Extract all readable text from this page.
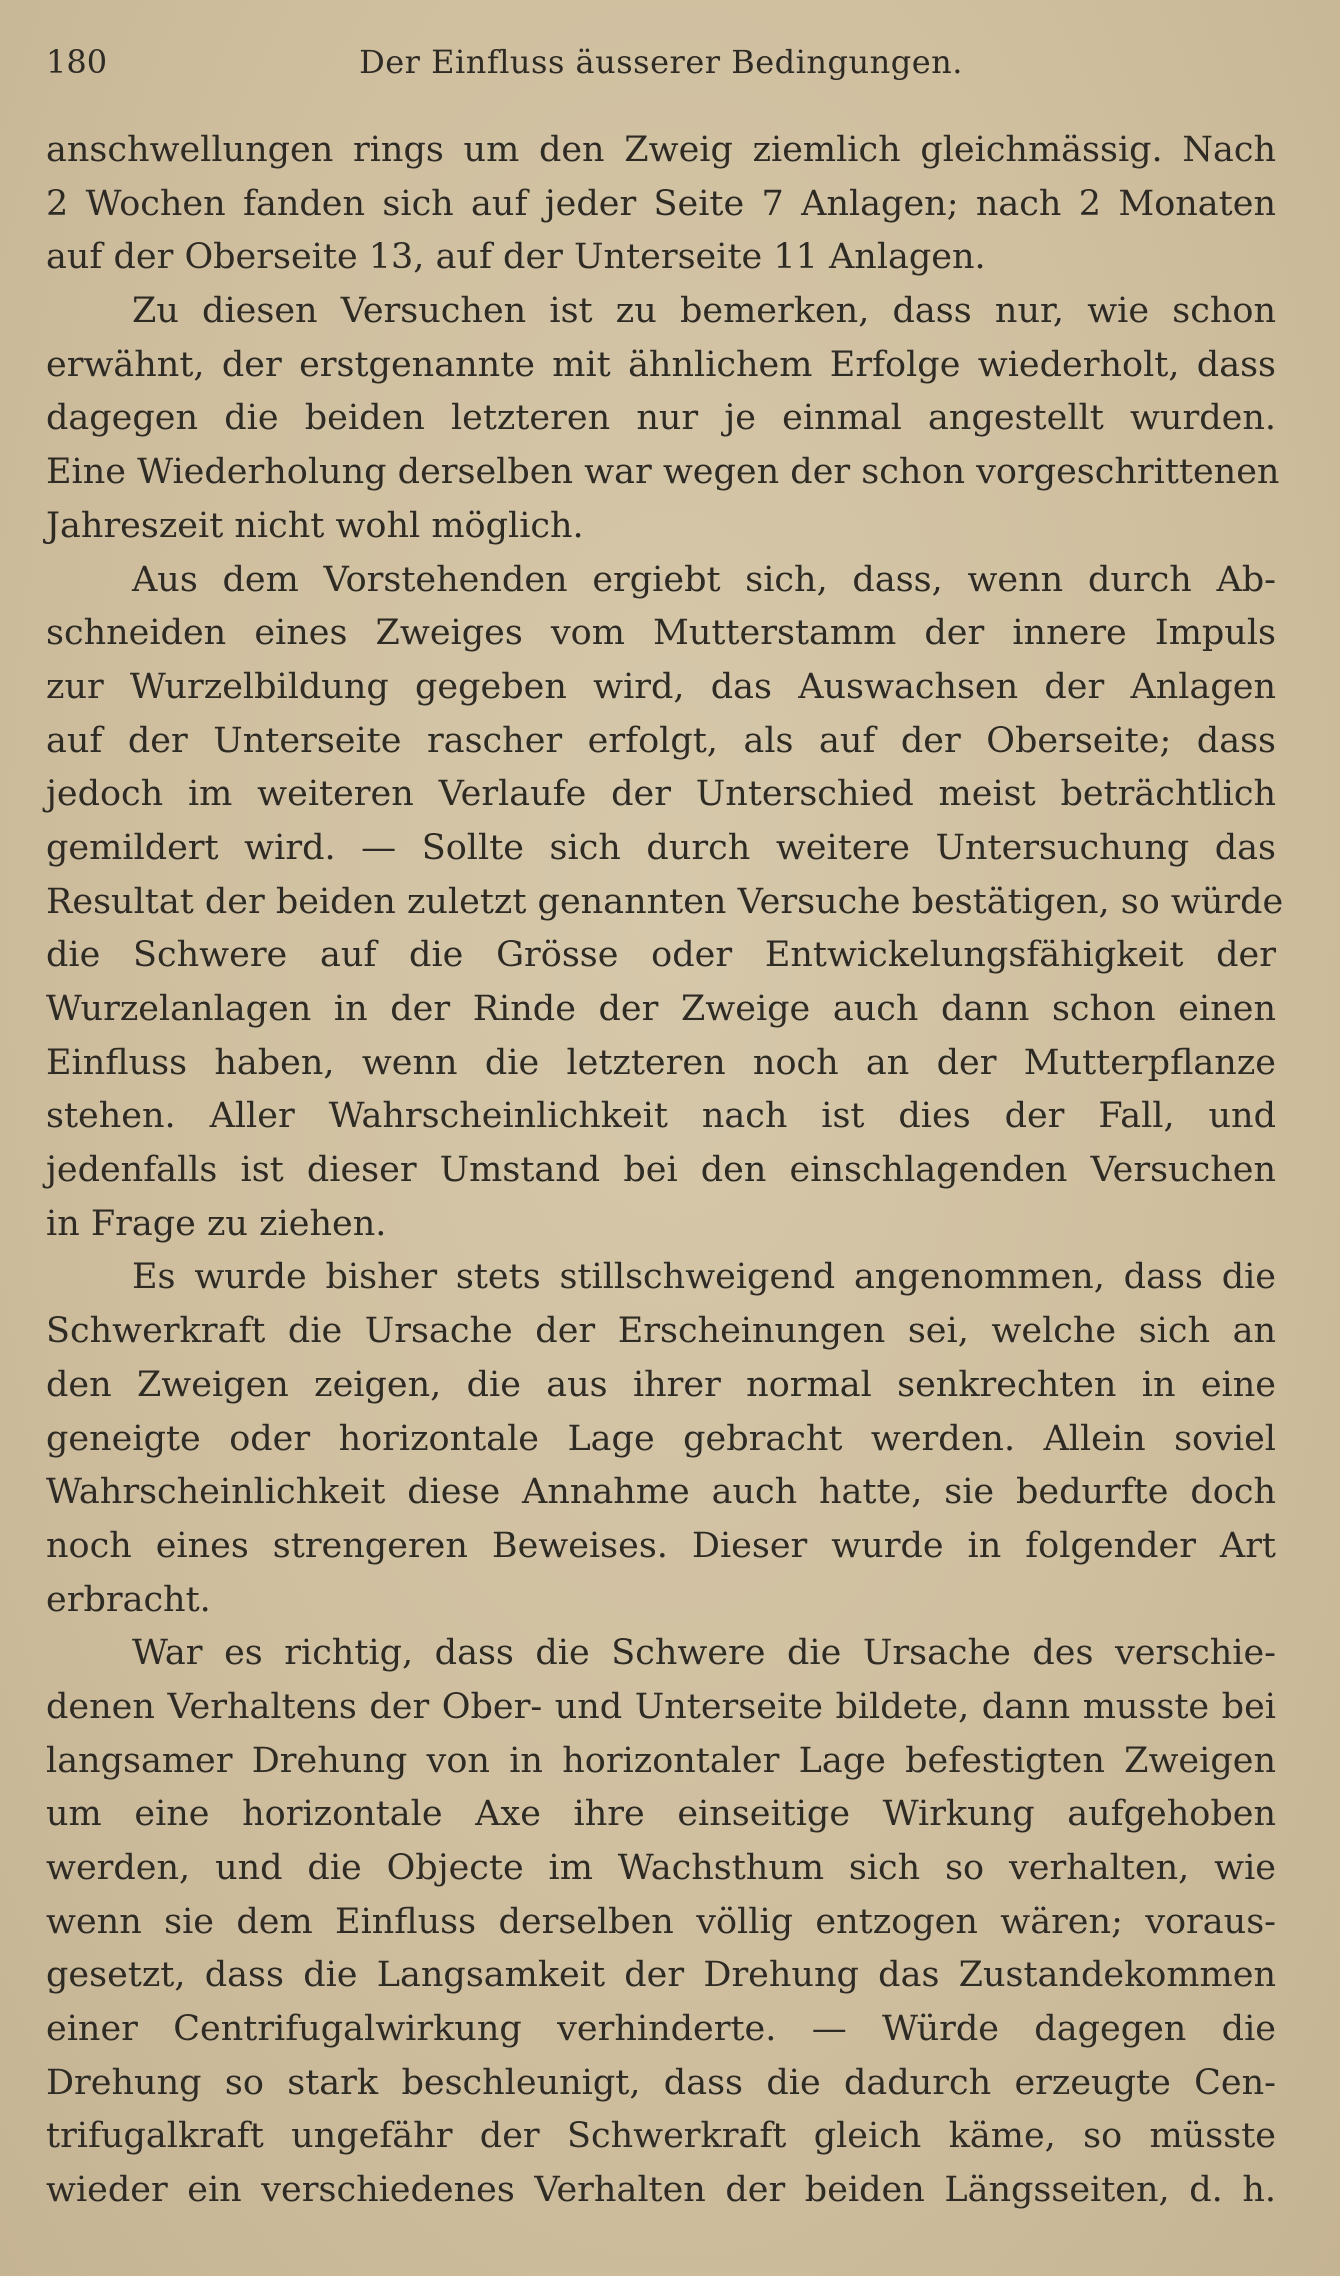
180	Der Einfluss äusserer Bedingungen.
anschwellungen rings um den Zweig ziemlich gleichmässig. Nach
2 Wochen fanden sich auf jeder Seite 7 Anlagen; nach 2 Monaten
auf der Oberseite 13, auf der Unterseite 11 Anlagen.
Zu diesen Versuchen ist zu bemerken, dass nur, wie schon
erwähnt, der erstgenannte mit ähnlichem Erfolge wiederholt, dass
dagegen die beiden letzteren nur je einmal angestellt wurden.
Eine Wiederholung derselben war wegen der schon vorgeschrittenen
Jahreszeit nicht wohl möglich.
Aus dem Vorstehenden ergiebt sich, dass, wenn durch Ab-
schneiden eines Zweiges vom Mutterstamm der innere Impuls
zur Wurzelbildung gegeben wird, das Auswachsen der Anlagen
auf der Unterseite rascher erfolgt, als auf der Oberseite; dass
jedoch im weiteren Verlaufe der Unterschied meist beträchtlich
gemildert wird. — Sollte sich durch weitere Untersuchung das
Resultat der beiden zuletzt genannten Versuche bestätigen, so würde
die Schwere auf die Grösse oder Entwickelungsfähigkeit der
Wurzelanlagen in der Rinde der Zweige auch dann schon einen
Einfluss haben, wenn die letzteren noch an der Mutterpflanze
stehen. Aller Wahrscheinlichkeit nach ist dies der Fall, und
jedenfalls ist dieser Umstand bei den einschlagenden Versuchen
in Frage zu ziehen.
Es wurde bisher stets stillschweigend angenommen, dass die
Schwerkraft die Ursache der Erscheinungen sei, welche sich an
den Zweigen zeigen, die aus ihrer normal senkrechten in eine
geneigte oder horizontale Lage gebracht werden. Allein soviel
Wahrscheinlichkeit diese Annahme auch hatte, sie bedurfte doch
noch eines strengeren Beweises. Dieser wurde in folgender Art
erbracht.
War es richtig, dass die Schwere die Ursache des verschie-
denen Verhaltens der Ober- und Unterseite bildete, dann musste bei
langsamer Drehung von in horizontaler Lage befestigten Zweigen
um eine horizontale Axe ihre einseitige Wirkung aufgehoben
werden, und die Objecte im Wachsthum sich so verhalten, wie
wenn sie dem Einfluss derselben völlig entzogen wären; voraus-
gesetzt, dass die Langsamkeit der Drehung das Zustandekommen
einer Centrifugalwirkung verhinderte. — Würde dagegen die
Drehung so stark beschleunigt, dass die dadurch erzeugte Cen-
trifugalkraft ungefähr der Schwerkraft gleich käme, so müsste
wieder ein verschiedenes Verhalten der beiden Längsseiten, d. h.
